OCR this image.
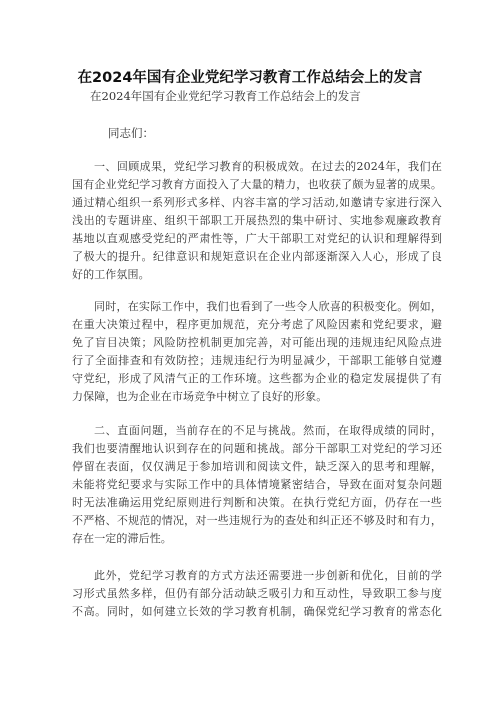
在2024年国有企业党纪学习教育工作总结会上的发言
在2024年国有企业党纪学习教育工作总结会上的发言
同志们：
一、回顾成果，党纪学习教育的积极成效。在过去的2024年，我们在
国有企业党纪学习教育方面投入了大量的精力，也收获了颇为显著的成果。
通过精心组织一系列形式多样、内容丰富的学习活动,如邀请专家进行深入
浅出的专题讲座、组织干部职工开展热烈的集中研讨、实地参观廉政教育
基地以直观感受党纪的严肃性等，广大干部职工对党纪的认识和理解得到
了极大的提升。纪律意识和规矩意识在企业内部逐渐深入人心，形成了良
好的工作氛围。
同时，在实际工作中，我们也看到了一些令人欣喜的积极变化。例如，
在重大决策过程中，程序更加规范，充分考虑了风险因素和党纪要求，避
免了盲目决策；风险防控机制更加完善，对可能出现的违规违纪风险点进
行了全面排查和有效防控；违规违纪行为明显减少，干部职工能够自觉遵
守党纪，形成了风清气正的工作环境。这些都为企业的稳定发展提供了有
力保障，也为企业在市场竞争中树立了良好的形象。
二、直面问题，当前存在的不足与挑战。然而，在取得成绩的同时，
我们也要清醒地认识到存在的问题和挑战。部分干部职工对党纪的学习还
停留在表面，仅仅满足于参加培训和阅读文件，缺乏深入的思考和理解，
未能将党纪要求与实际工作中的具体情境紧密结合，导致在面对复杂问题
时无法准确运用党纪原则进行判断和决策。在执行党纪方面，仍存在一些
不严格、不规范的情况，对一些违规行为的查处和纠正还不够及时和有力，
存在一定的滞后性。
此外，党纪学习教育的方式方法还需要进一步创新和优化，目前的学
习形式虽然多样，但仍有部分活动缺乏吸引力和互动性，导致职工参与度
不高。同时，如何建立长效的学习教育机制，确保党纪学习教育的常态化
